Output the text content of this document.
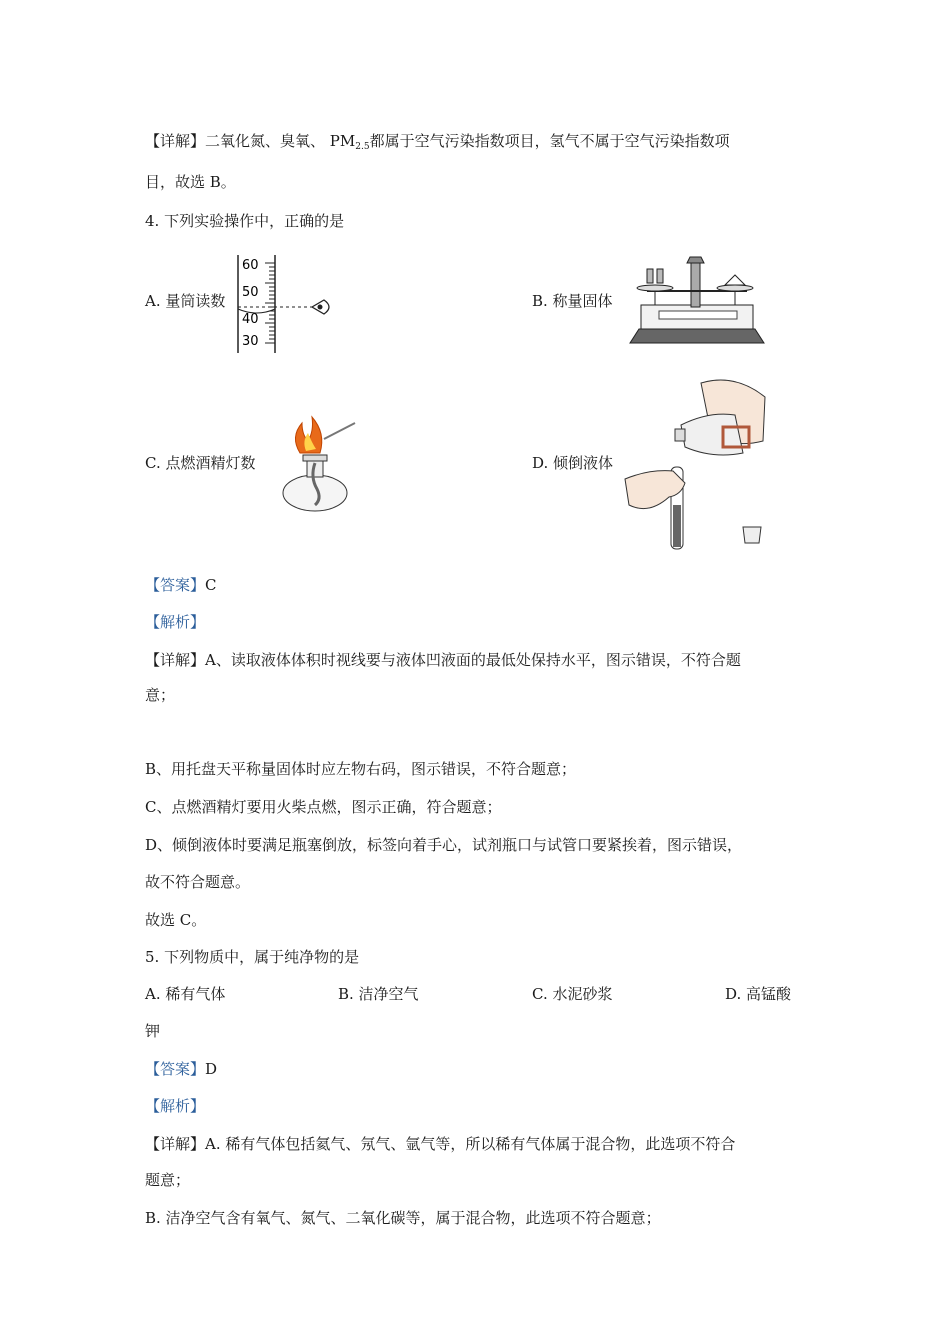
【详解】二氧化氮、臭氧、 $PM_{2.5}$都属于空气污染指数项目，氢气不属于空气污染指数项
目，故选 B。
4. 下列实验操作中，正确的是
A. 量筒读数
60
50
40
30
B. 称量固体
C. 点燃酒精灯数	D. 倾倒液体
【答案】C
【解析】
【详解】A、读取液体体积时视线要与液体凹液面的最低处保持水平，图示错误，不符合题
意；
B、用托盘天平称量固体时应左物右码，图示错误，不符合题意；
C、点燃酒精灯要用火柴点燃，图示正确，符合题意；
D、倾倒液体时要满足瓶塞倒放，标签向着手心，试剂瓶口与试管口要紧挨着，图示错误，
故不符合题意。
故选 C。
5. 下列物质中，属于纯净物的是
A. 稀有气体	B. 洁净空气	C. 水泥砂浆	D. 高锰酸
钾
【答案】D
【解析】
【详解】A. 稀有气体包括氦气、氖气、氩气等，所以稀有气体属于混合物，此选项不符合
题意；
B. 洁净空气含有氧气、氮气、二氧化碳等，属于混合物，此选项不符合题意；
